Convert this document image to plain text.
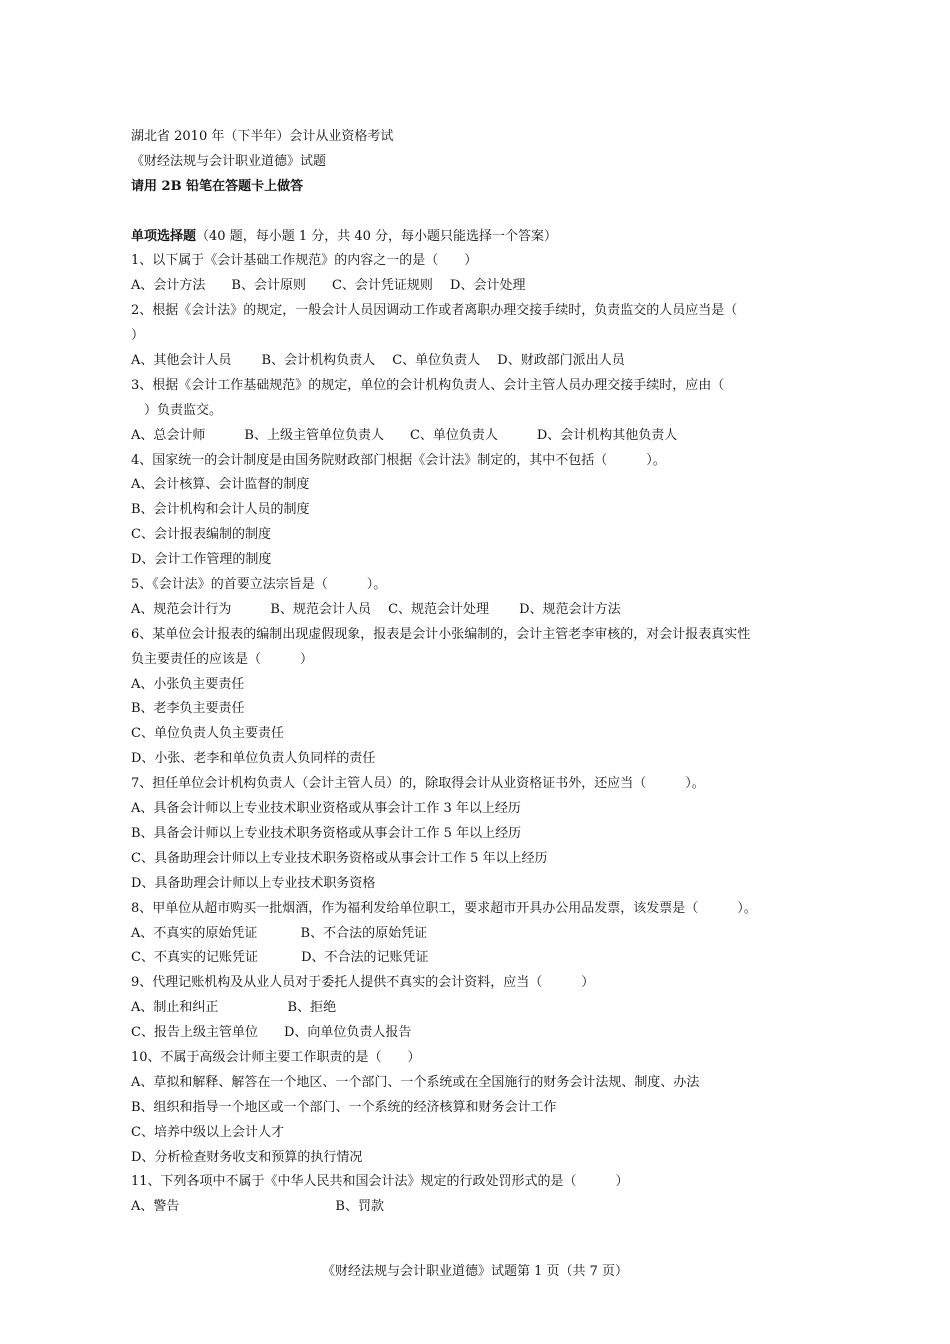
湖北省 2010 年（下半年）会计从业资格考试
《财经法规与会计职业道德》试题
请用 2B 铅笔在答题卡上做答
单项选择题（40 题，每小题 1 分，共 40 分，每小题只能选择一个答案）
1、以下属于《会计基础工作规范》的内容之一的是（　　）
A、会计方法　　B、会计原则　　C、会计凭证规则　 D、会计处理
2、根据《会计法》的规定，一般会计人员因调动工作或者离职办理交接手续时，负责监交的人员应当是（
）
A、其他会计人员　　 B、会计机构负责人　 C、单位负责人　 D、财政部门派出人员
3、根据《会计工作基础规范》的规定，单位的会计机构负责人、会计主管人员办理交接手续时，应由（
　）负责监交。
A、总会计师　　　B、上级主管单位负责人　　C、单位负责人　　　D、会计机构其他负责人
4、国家统一的会计制度是由国务院财政部门根据《会计法》制定的，其中不包括（　　　）。
A、会计核算、会计监督的制度
B、会计机构和会计人员的制度
C、会计报表编制的制度
D、会计工作管理的制度
5、《会计法》的首要立法宗旨是（　　　）。
A、规范会计行为　　　B、规范会计人员　 C、规范会计处理　　 D、规范会计方法
6、某单位会计报表的编制出现虚假现象，报表是会计小张编制的，会计主管老李审核的，对会计报表真实性
负主要责任的应该是（　　　）
A、小张负主要责任
B、老李负主要责任
C、单位负责人负主要责任
D、小张、老李和单位负责人负同样的责任
7、担任单位会计机构负责人（会计主管人员）的，除取得会计从业资格证书外，还应当（　　　）。
A、具备会计师以上专业技术职业资格或从事会计工作 3 年以上经历
B、具备会计师以上专业技术职务资格或从事会计工作 5 年以上经历
C、具备助理会计师以上专业技术职务资格或从事会计工作 5 年以上经历
D、具备助理会计师以上专业技术职务资格
8、甲单位从超市购买一批烟酒，作为福利发给单位职工，要求超市开具办公用品发票，该发票是（　　　）。
A、不真实的原始凭证　　　 B、不合法的原始凭证
C、不真实的记账凭证　　　 D、不合法的记账凭证
9、代理记账机构及从业人员对于委托人提供不真实的会计资料，应当（　　　）
A、制止和纠正　　　　　 B、拒绝
C、报告上级主管单位　　D、向单位负责人报告
10、不属于高级会计师主要工作职责的是（　　）
A、草拟和解释、解答在一个地区、一个部门、一个系统或在全国施行的财务会计法规、制度、办法
B、组织和指导一个地区或一个部门、一个系统的经济核算和财务会计工作
C、培养中级以上会计人才
D、分析检查财务收支和预算的执行情况
11、下列各项中不属于《中华人民共和国会计法》规定的行政处罚形式的是（　　　）
A、警告　　　　　　　　　　　　B、罚款
《财经法规与会计职业道德》试题第 1 页（共 7 页）
